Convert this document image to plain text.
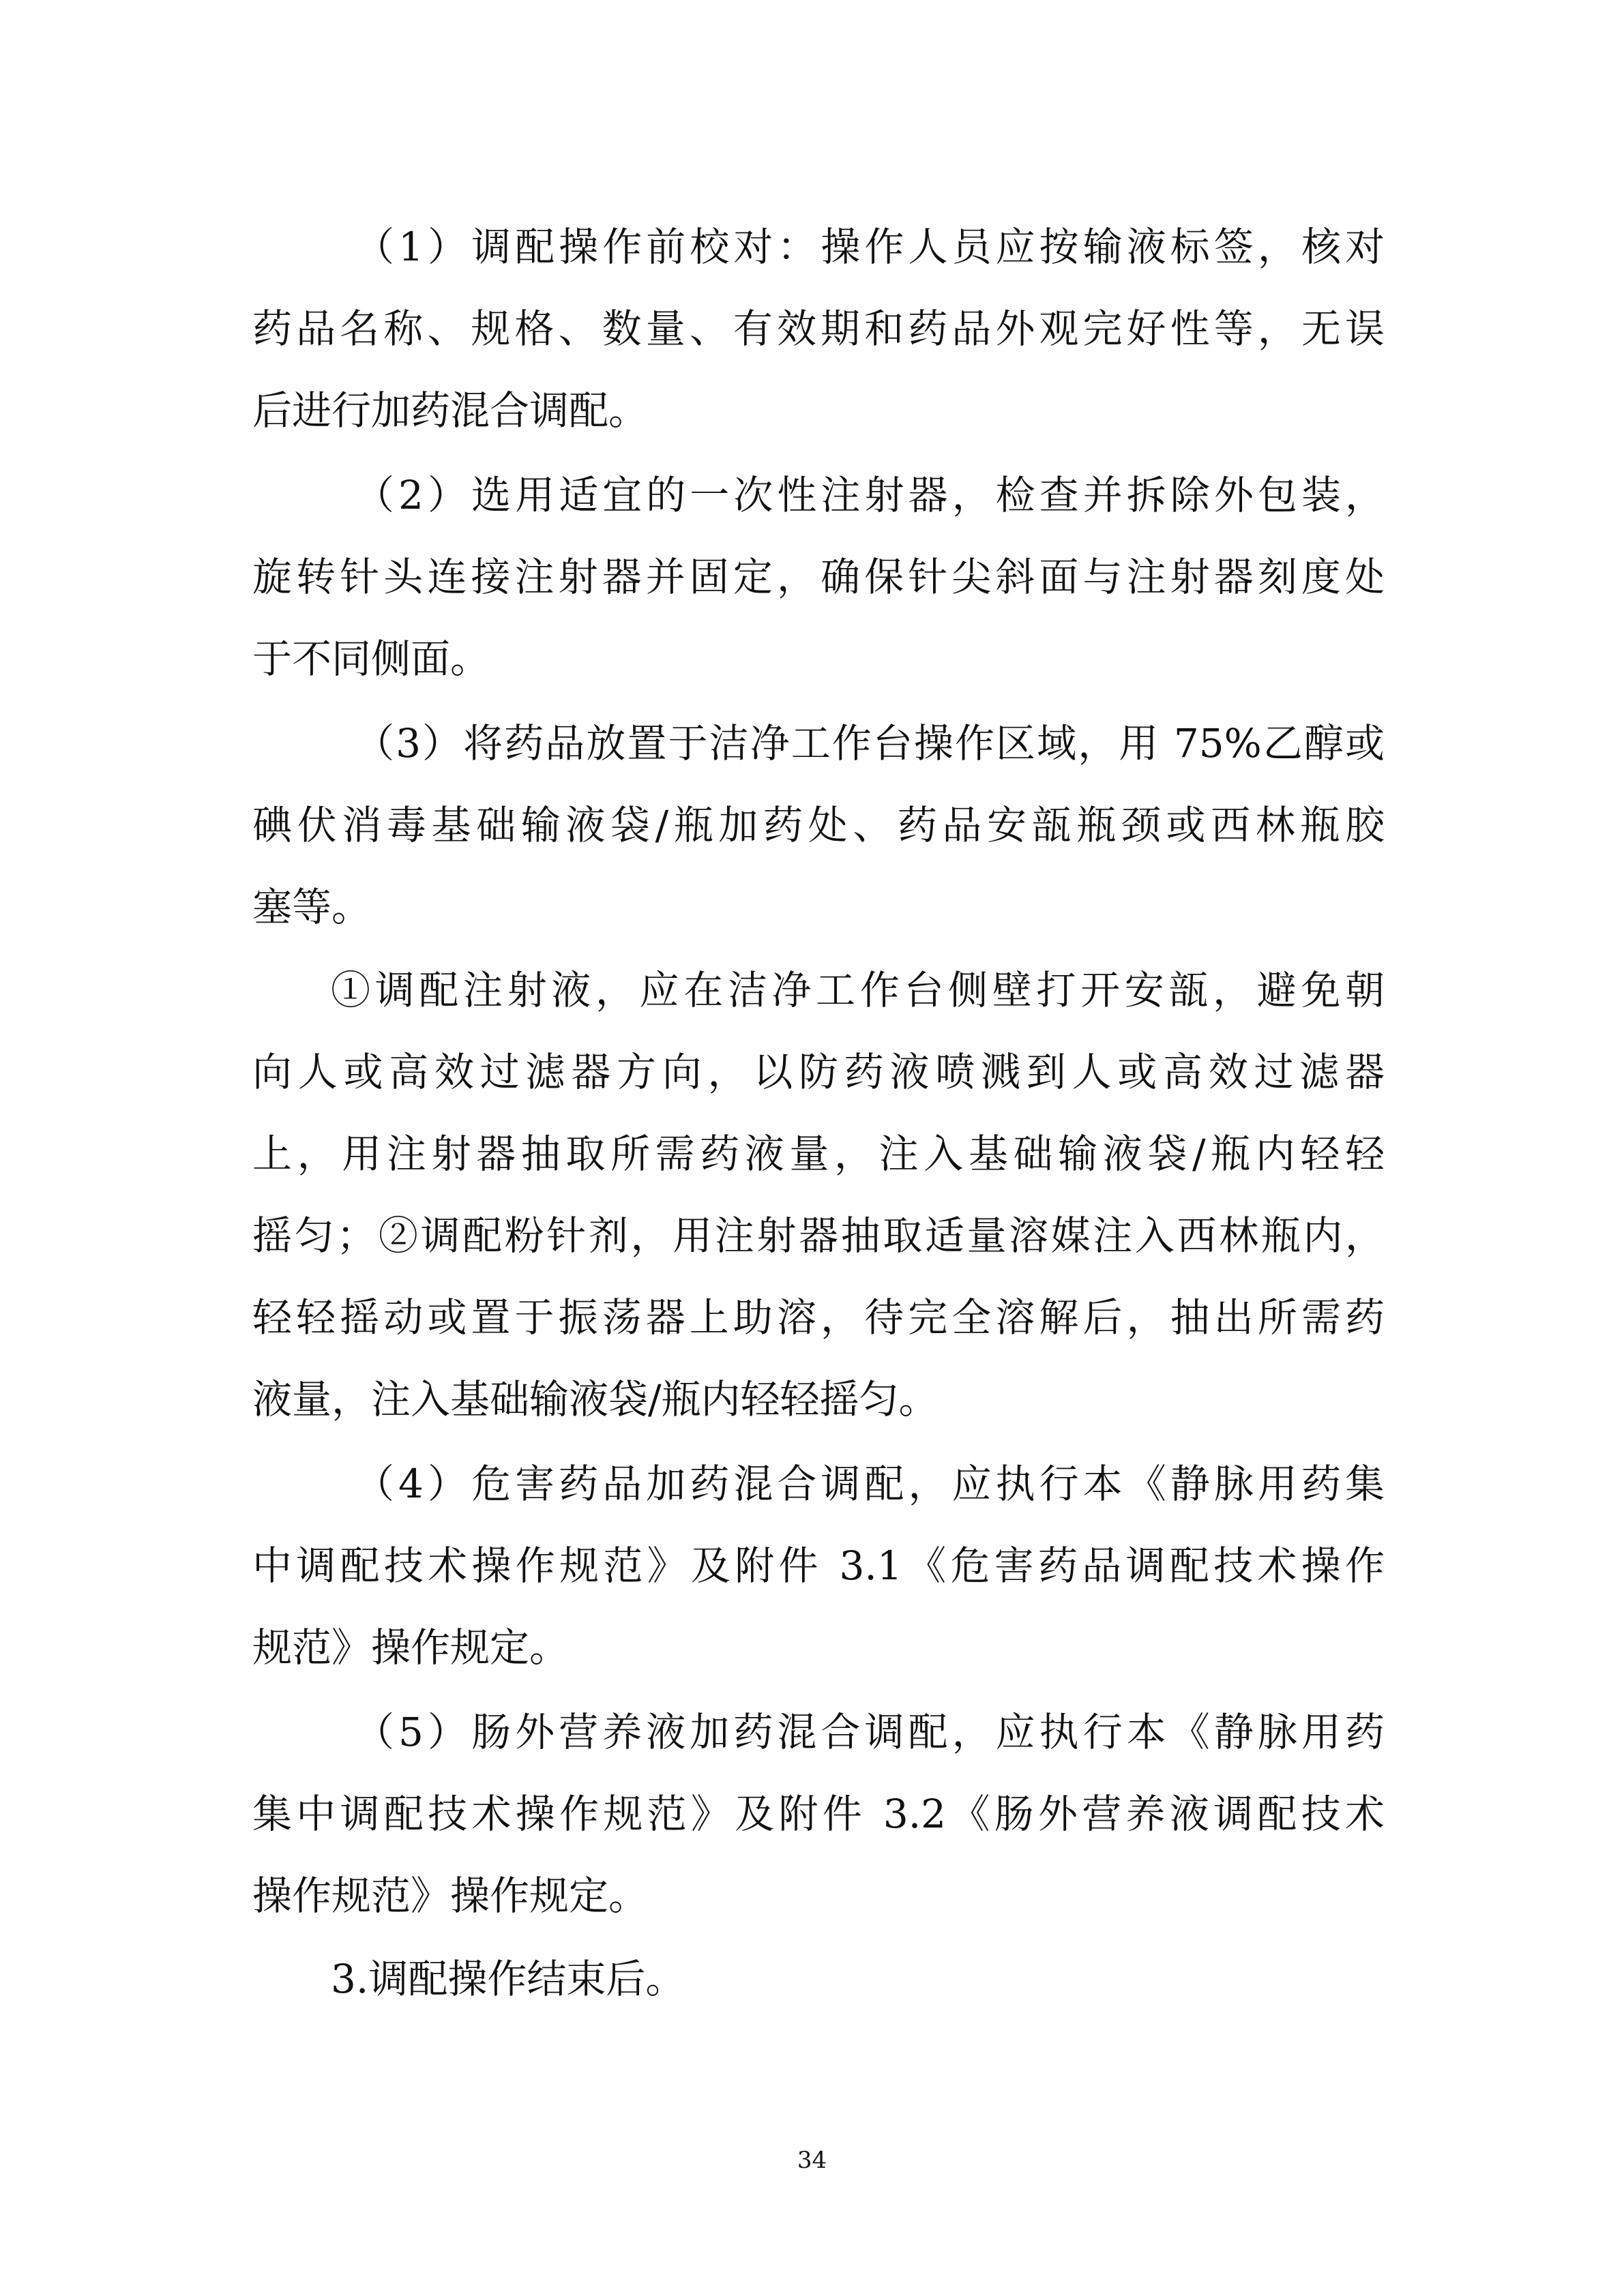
（1）调配操作前校对：操作人员应按输液标签，核对
药品名称、规格、数量、有效期和药品外观完好性等，无误
后进行加药混合调配。
（2）选用适宜的一次性注射器，检查并拆除外包装，
旋转针头连接注射器并固定，确保针尖斜面与注射器刻度处
于不同侧面。
（3）将药品放置于洁净工作台操作区域，用 75%乙醇或
碘伏消毒基础输液袋/瓶加药处、药品安瓿瓶颈或西林瓶胶
塞等。
①调配注射液，应在洁净工作台侧壁打开安瓿，避免朝
向人或高效过滤器方向，以防药液喷溅到人或高效过滤器
上，用注射器抽取所需药液量，注入基础输液袋/瓶内轻轻
摇匀；②调配粉针剂，用注射器抽取适量溶媒注入西林瓶内，
轻轻摇动或置于振荡器上助溶，待完全溶解后，抽出所需药
液量，注入基础输液袋/瓶内轻轻摇匀。
（4）危害药品加药混合调配，应执行本《静脉用药集
中调配技术操作规范》及附件 3.1《危害药品调配技术操作
规范》操作规定。
（5）肠外营养液加药混合调配，应执行本《静脉用药
集中调配技术操作规范》及附件 3.2《肠外营养液调配技术
操作规范》操作规定。
3.调配操作结束后。
34
